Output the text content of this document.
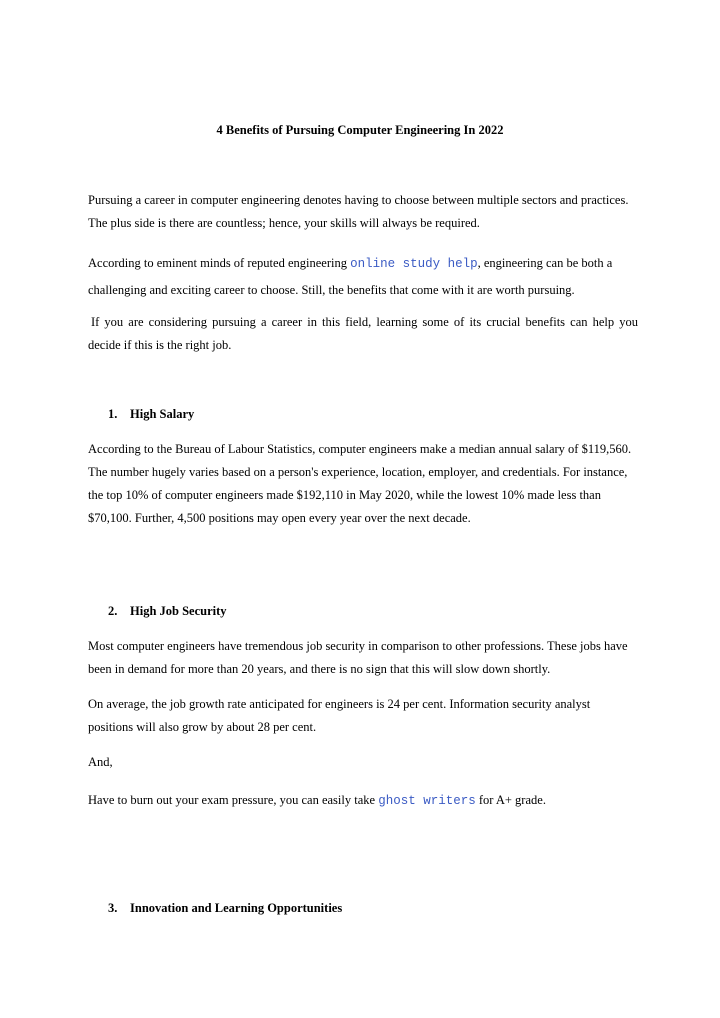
4 Benefits of Pursuing Computer Engineering In 2022
Pursuing a career in computer engineering denotes having to choose between multiple sectors and practices. The plus side is there are countless; hence, your skills will always be required.
According to eminent minds of reputed engineering online study help, engineering can be both a challenging and exciting career to choose. Still, the benefits that come with it are worth pursuing.
If you are considering pursuing a career in this field, learning some of its crucial benefits can help you decide if this is the right job.
1. High Salary
According to the Bureau of Labour Statistics, computer engineers make a median annual salary of $119,560. The number hugely varies based on a person's experience, location, employer, and credentials. For instance, the top 10% of computer engineers made $192,110 in May 2020, while the lowest 10% made less than $70,100. Further, 4,500 positions may open every year over the next decade.
2. High Job Security
Most computer engineers have tremendous job security in comparison to other professions. These jobs have been in demand for more than 20 years, and there is no sign that this will slow down shortly.
On average, the job growth rate anticipated for engineers is 24 per cent. Information security analyst positions will also grow by about 28 per cent.
And,
Have to burn out your exam pressure, you can easily take ghost writers for A+ grade.
3. Innovation and Learning Opportunities
